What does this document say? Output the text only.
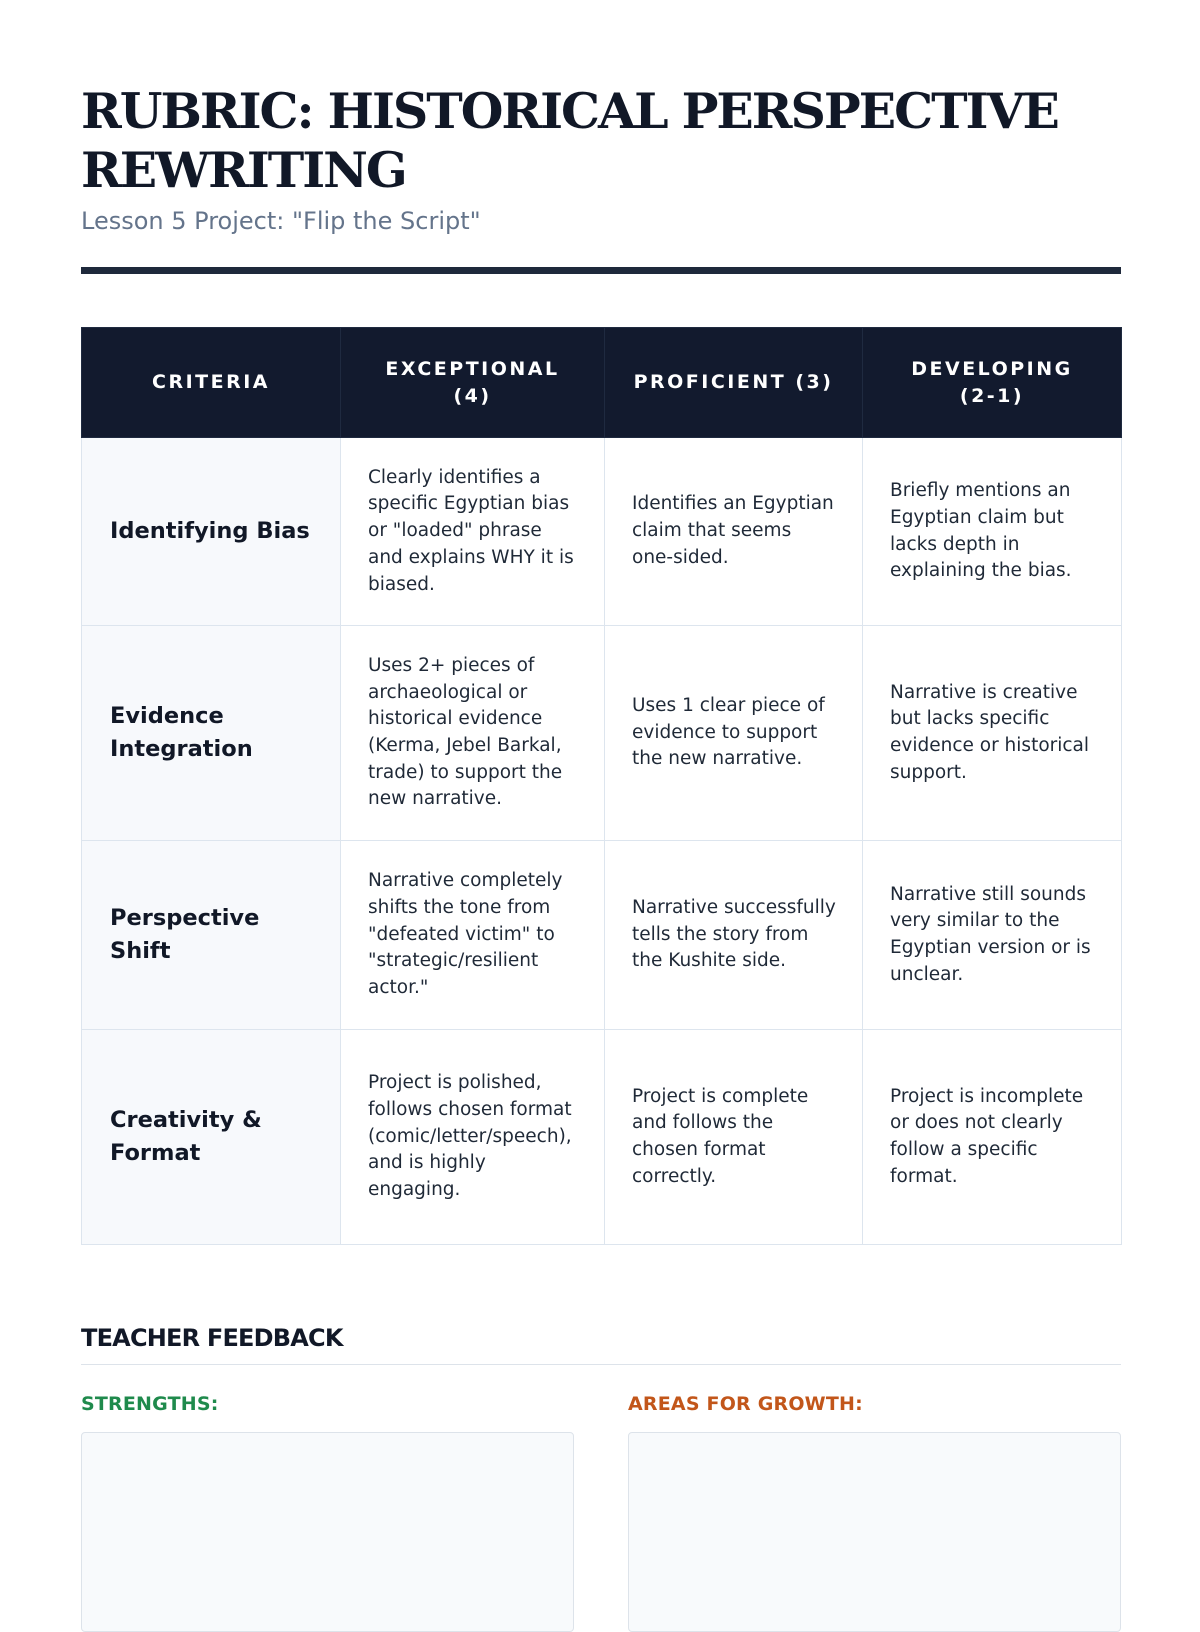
RUBRIC: HISTORICAL PERSPECTIVE REWRITING
Lesson 5 Project: "Flip the Script"
CRITERIA	EXCEPTIONAL (4)	PROFICIENT (3)	DEVELOPING (2-1)
Identifying Bias	Clearly identifies a specific Egyptian bias or "loaded" phrase and explains WHY it is biased.	Identifies an Egyptian claim that seems one-sided.	Briefly mentions an Egyptian claim but lacks depth in explaining the bias.
Evidence Integration	Uses 2+ pieces of archaeological or historical evidence (Kerma, Jebel Barkal, trade) to support the new narrative.	Uses 1 clear piece of evidence to support the new narrative.	Narrative is creative but lacks specific evidence or historical support.
Perspective Shift	Narrative completely shifts the tone from "defeated victim" to "strategic/resilient actor."	Narrative successfully tells the story from the Kushite side.	Narrative still sounds very similar to the Egyptian version or is unclear.
Creativity & Format	Project is polished, follows chosen format (comic/letter/speech), and is highly engaging.	Project is complete and follows the chosen format correctly.	Project is incomplete or does not clearly follow a specific format.
TEACHER FEEDBACK
STRENGTHS:	AREAS FOR GROWTH:
